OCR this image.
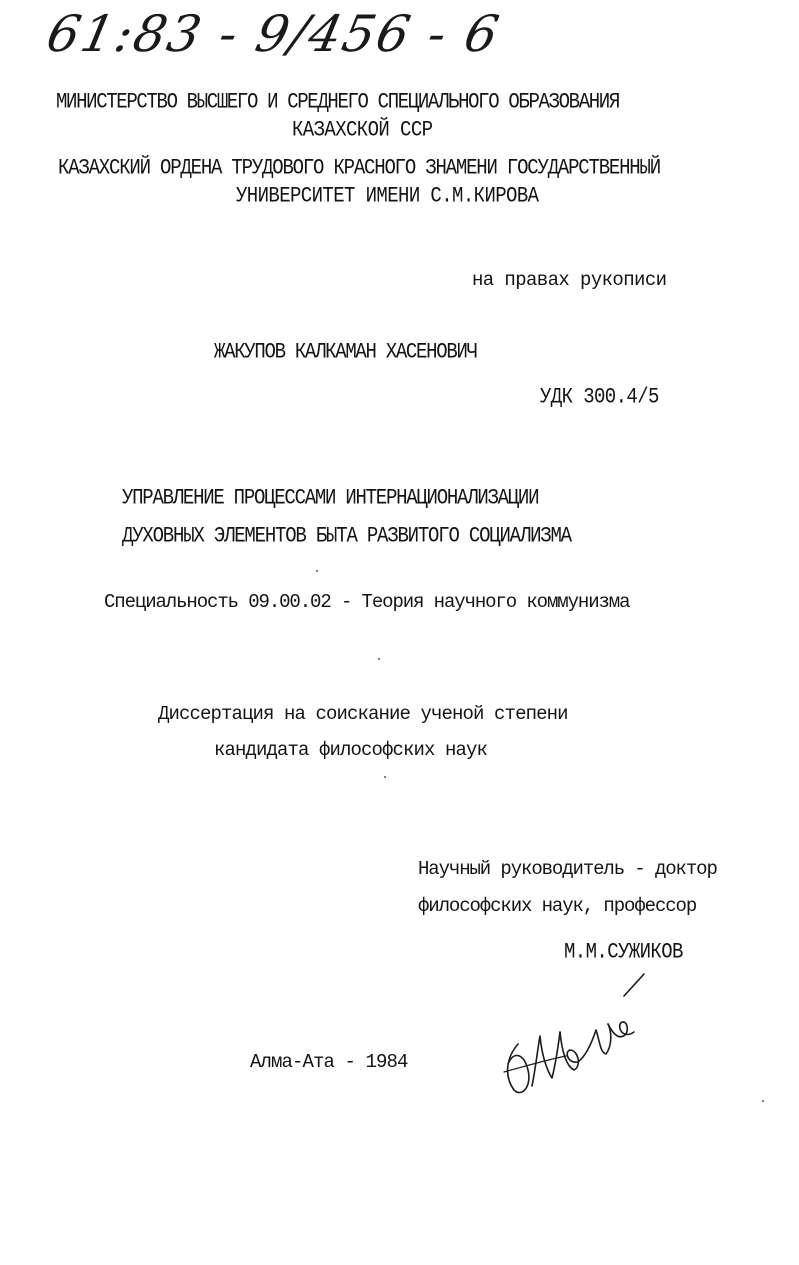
61:83 - 9/456 - 6
МИНИСТЕРСТВО ВЫСШЕГО И СРЕДНЕГО СПЕЦИАЛЬНОГО ОБРАЗОВАНИЯ
КАЗАХСКОЙ ССР
КАЗАХСКИЙ ОРДЕНА ТРУДОВОГО КРАСНОГО ЗНАМЕНИ ГОСУДАРСТВЕННЫЙ
УНИВЕРСИТЕТ ИМЕНИ С.М.КИРОВА
на правах рукописи
ЖАКУПОВ КАЛКАМАН ХАСЕНОВИЧ
УДК 300.4/5
УПРАВЛЕНИЕ ПРОЦЕССАМИ ИНТЕРНАЦИОНАЛИЗАЦИИ
ДУХОВНЫХ ЭЛЕМЕНТОВ БЫТА РАЗВИТОГО СОЦИАЛИЗМА
Специальность 09.00.02 - Теория научного коммунизма
Диссертация на соискание ученой степени
кандидата философских наук
Научный руководитель - доктор
философских наук, профессор
М.М.СУЖИКОВ
Алма-Ата - 1984
